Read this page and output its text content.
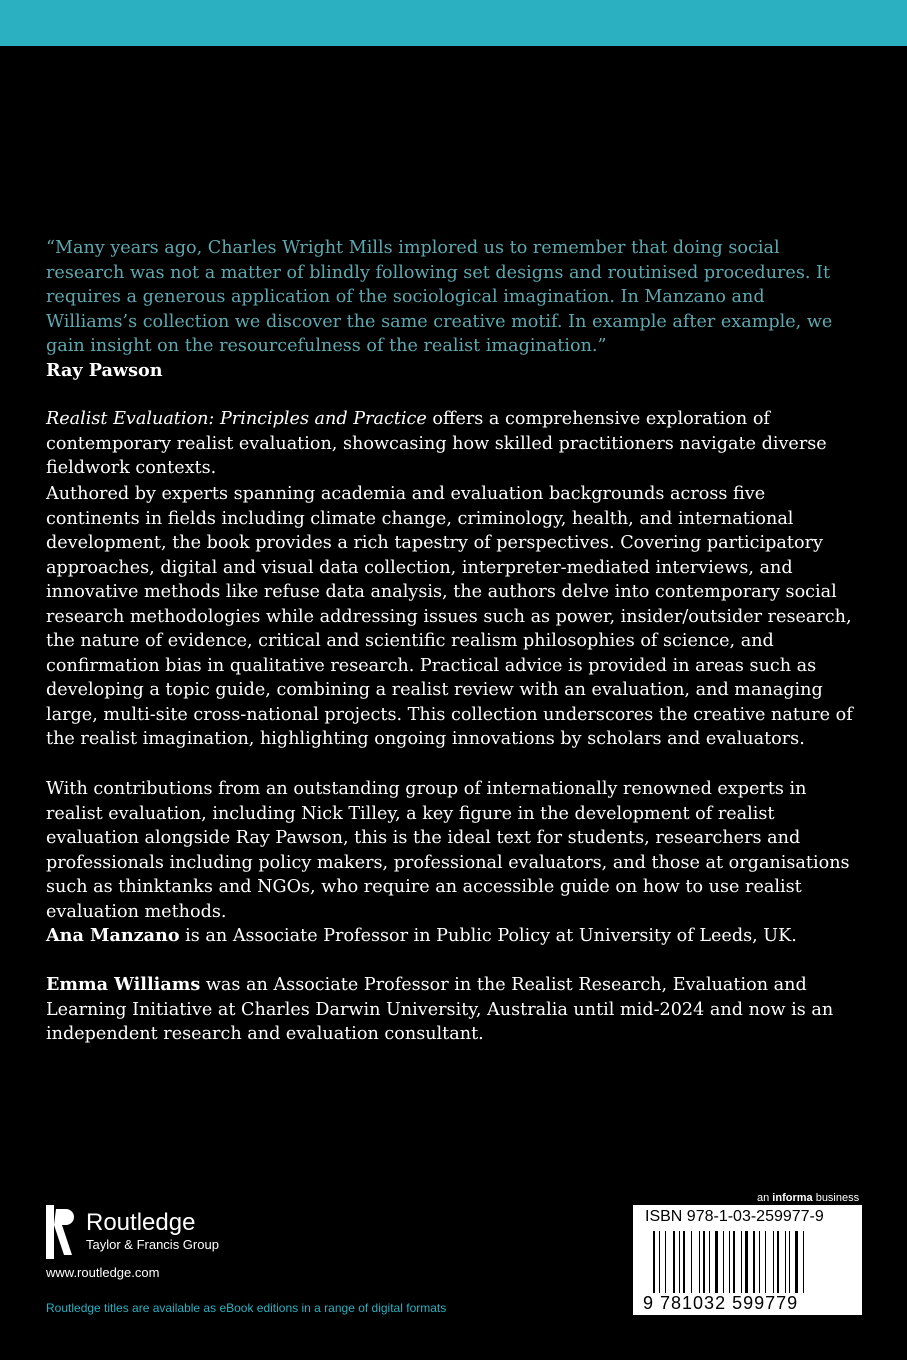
“Many years ago, Charles Wright Mills implored us to remember that doing social research was not a matter of blindly following set designs and routinised procedures. It requires a generous application of the sociological imagination. In Manzano and Williams’s collection we discover the same creative motif. In example after example, we gain insight on the resourcefulness of the realist imagination.”
Ray Pawson
Realist Evaluation: Principles and Practice offers a comprehensive exploration of contemporary realist evaluation, showcasing how skilled practitioners navigate diverse fieldwork contexts.
Authored by experts spanning academia and evaluation backgrounds across five continents in fields including climate change, criminology, health, and international development, the book provides a rich tapestry of perspectives. Covering participatory approaches, digital and visual data collection, interpreter-mediated interviews, and innovative methods like refuse data analysis, the authors delve into contemporary social research methodologies while addressing issues such as power, insider/outsider research, the nature of evidence, critical and scientific realism philosophies of science, and confirmation bias in qualitative research. Practical advice is provided in areas such as developing a topic guide, combining a realist review with an evaluation, and managing large, multi-site cross-national projects. This collection underscores the creative nature of the realist imagination, highlighting ongoing innovations by scholars and evaluators.
With contributions from an outstanding group of internationally renowned experts in realist evaluation, including Nick Tilley, a key figure in the development of realist evaluation alongside Ray Pawson, this is the ideal text for students, researchers and professionals including policy makers, professional evaluators, and those at organisations such as thinktanks and NGOs, who require an accessible guide on how to use realist evaluation methods.
Ana Manzano is an Associate Professor in Public Policy at University of Leeds, UK.
Emma Williams was an Associate Professor in the Realist Research, Evaluation and Learning Initiative at Charles Darwin University, Australia until mid-2024 and now is an independent research and evaluation consultant.
Routledge
Taylor & Francis Group
www.routledge.com
Routledge titles are available as eBook editions in a range of digital formats
an informa business
ISBN 978-1-03-259977-9
9 781032 599779
